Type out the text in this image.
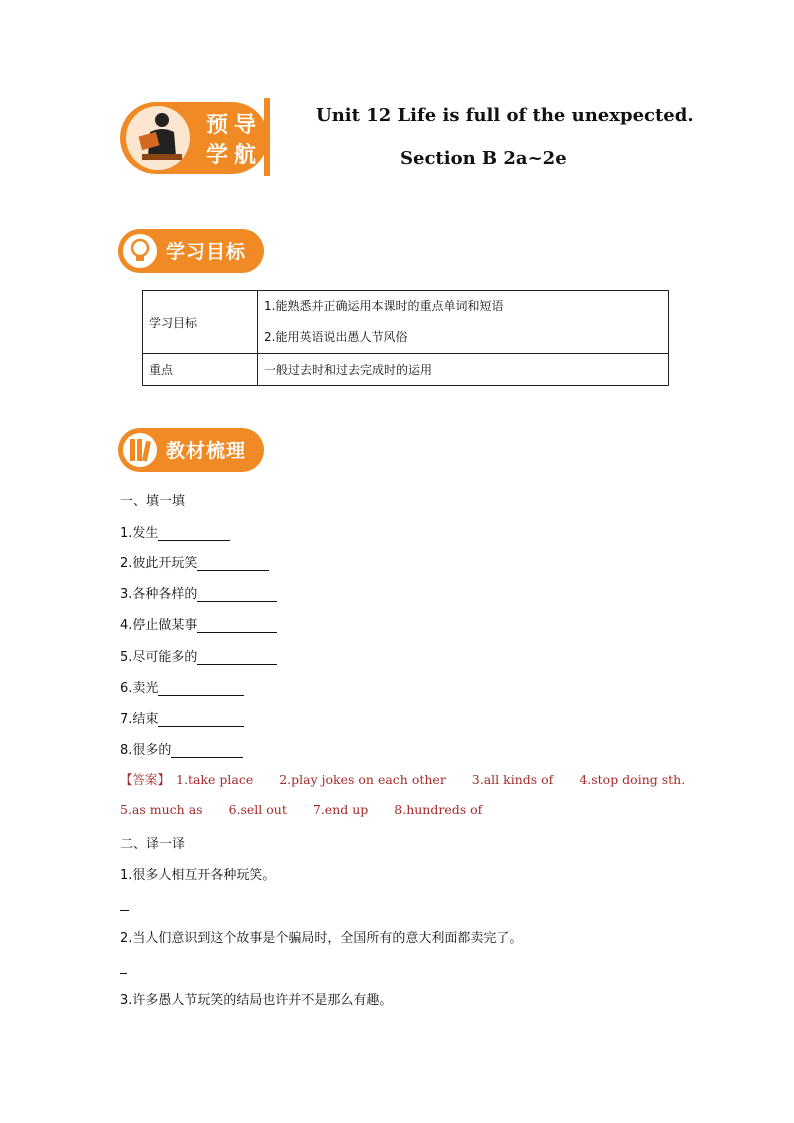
预 导
学 航
Unit 12 Life is full of the unexpected.
Section B 2a~2e
学习目标
学习目标	1.能熟悉并正确运用本课时的重点单词和短语
2.能用英语说出愚人节风俗

重点	一般过去时和过去完成时的运用
教材梳理
一、填一填
1.发生
2.彼此开玩笑
3.各种各样的
4.停止做某事
5.尽可能多的
6.卖光
7.结束
8.很多的
【答案】 1.take place 2.play jokes on each other 3.all kinds of 4.stop doing sth.
5.as much as 6.sell out 7.end up 8.hundreds of
二、译一译
1.很多人相互开各种玩笑。
2.当人们意识到这个故事是个骗局时，全国所有的意大利面都卖完了。
3.许多愚人节玩笑的结局也许并不是那么有趣。
